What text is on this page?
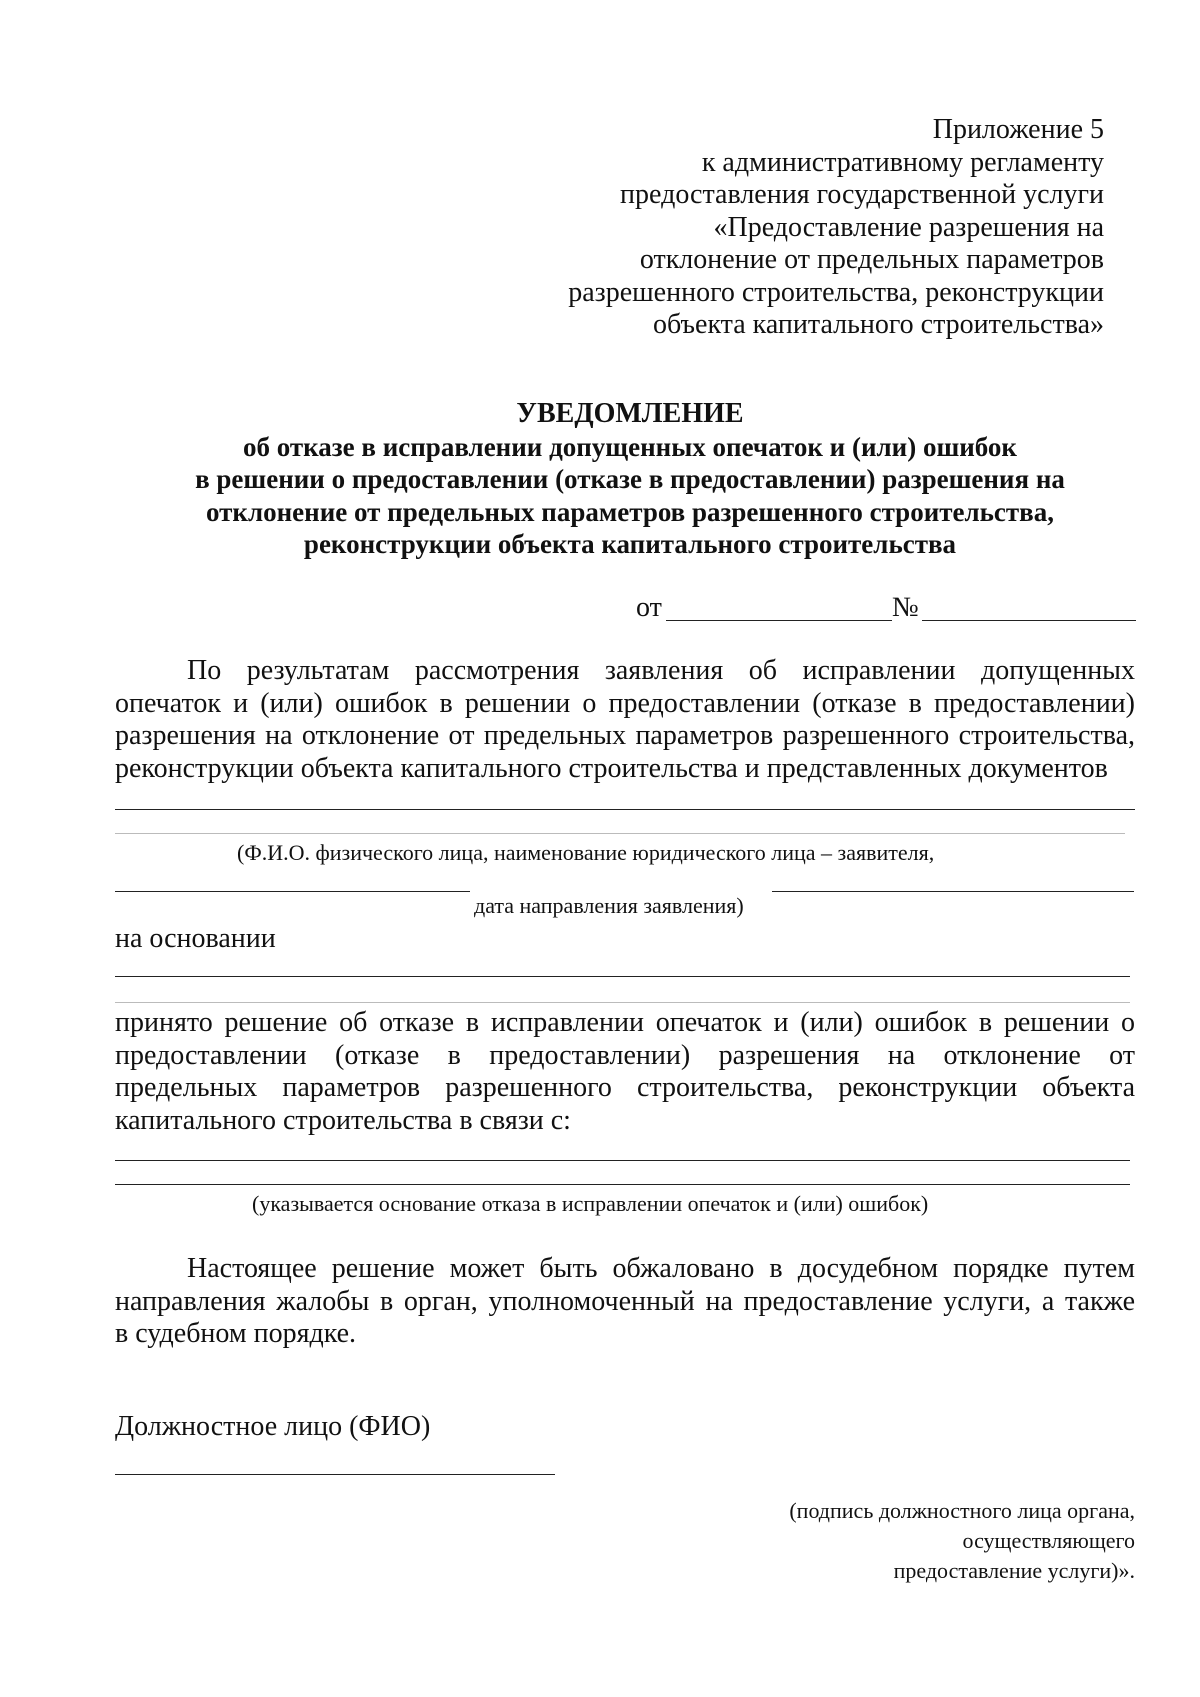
Приложение 5
к административному регламенту
предоставления государственной услуги
«Предоставление разрешения на
отклонение от предельных параметров
разрешенного строительства, реконструкции
объекта капитального строительства»
УВЕДОМЛЕНИЕ
об отказе в исправлении допущенных опечаток и (или) ошибок
в решении о предоставлении (отказе в предоставлении) разрешения на
отклонение от предельных параметров разрешенного строительства,
реконструкции объекта капитального строительства
от	№
По результатам рассмотрения заявления об исправлении допущенных
опечаток и (или) ошибок в решении о предоставлении (отказе в предоставлении)
разрешения на отклонение от предельных параметров разрешенного строительства,
реконструкции объекта капитального строительства и представленных документов
(Ф.И.О. физического лица, наименование юридического лица – заявителя,
дата направления заявления)
на основании
принято решение об отказе в исправлении опечаток и (или) ошибок в решении о
предоставлении (отказе в предоставлении) разрешения на отклонение от
предельных параметров разрешенного строительства, реконструкции объекта
капитального строительства в связи с:
(указывается основание отказа в исправлении опечаток и (или) ошибок)
Настоящее решение может быть обжаловано в досудебном порядке путем
направления жалобы в орган, уполномоченный на предоставление услуги, а также
в судебном порядке.
Должностное лицо (ФИО)
(подпись должностного лица органа,
осуществляющего
предоставление услуги)».
